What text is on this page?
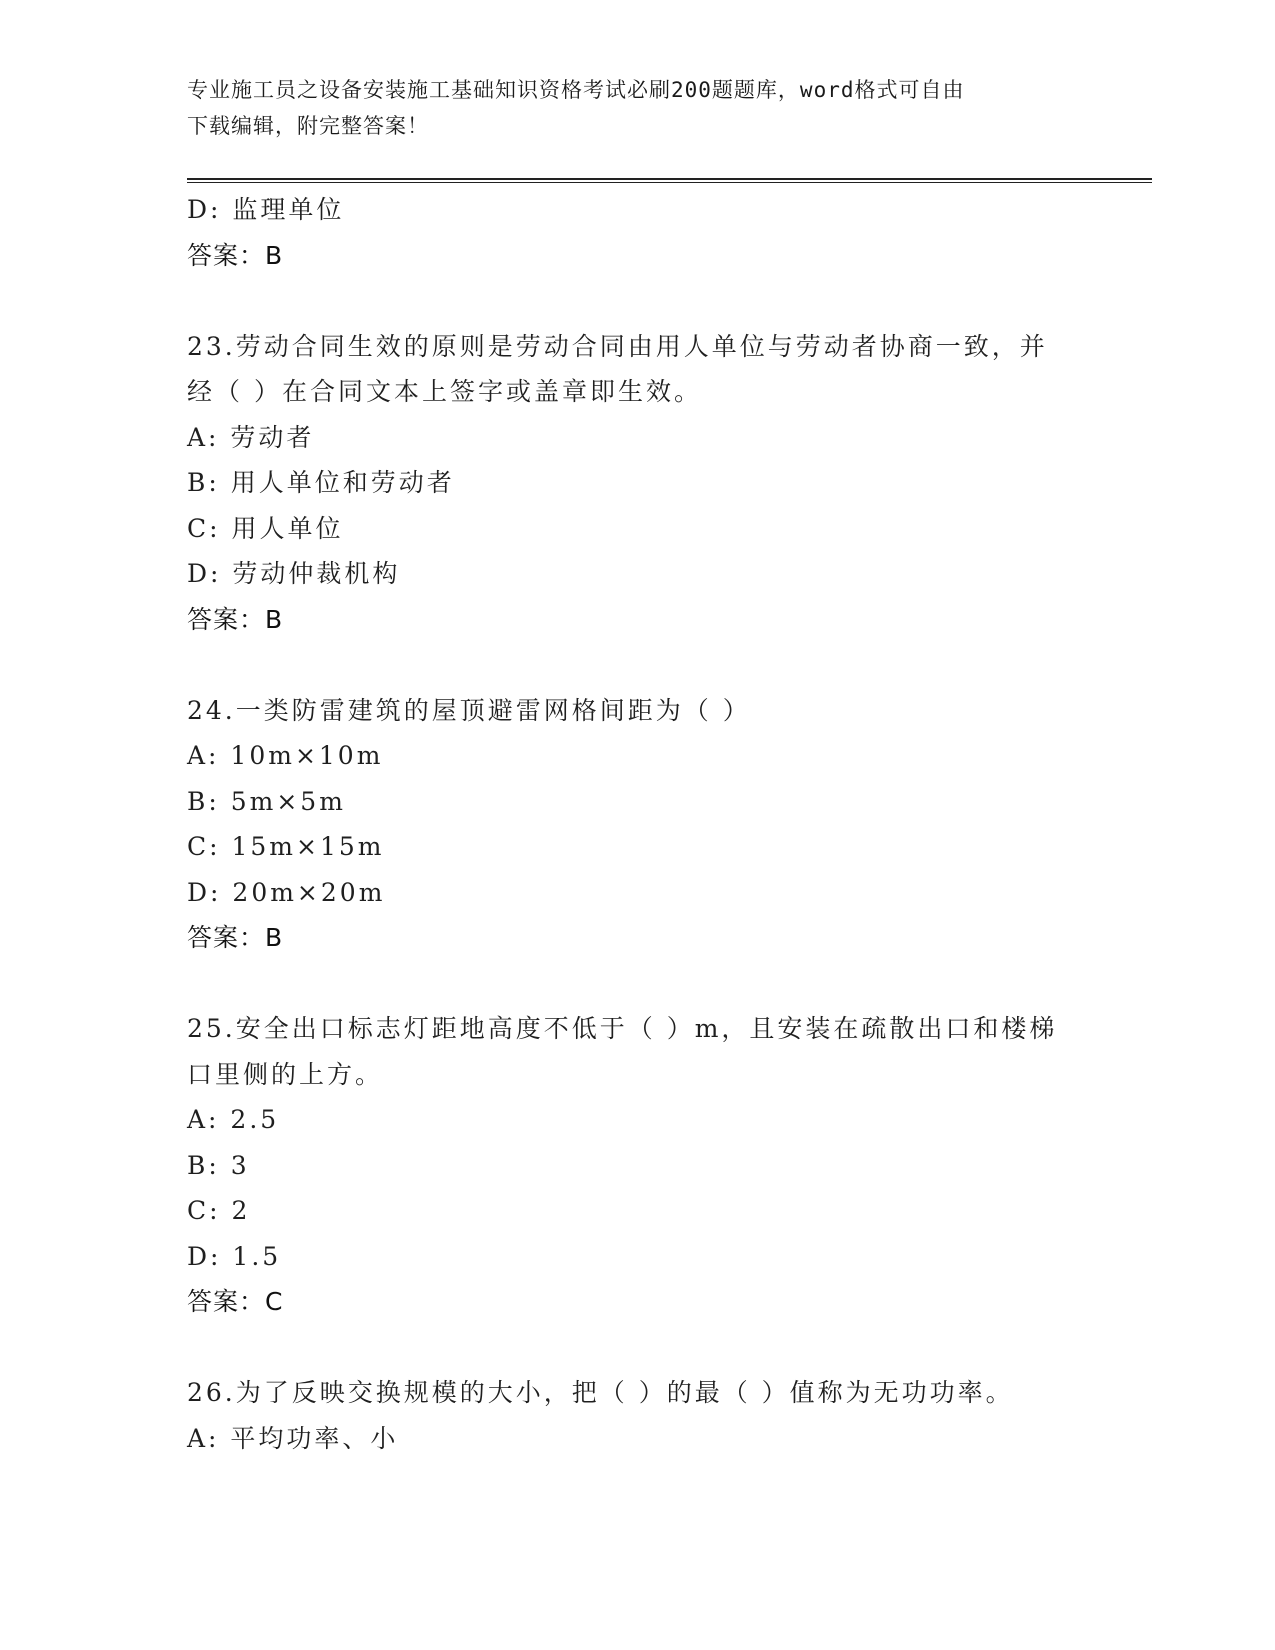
专业施工员之设备安装施工基础知识资格考试必刷200题题库，word格式可自由
下载编辑，附完整答案！
D: 监理单位
答案：B
23.劳动合同生效的原则是劳动合同由用人单位与劳动者协商一致，并
经（ ）在合同文本上签字或盖章即生效。
A: 劳动者
B: 用人单位和劳动者
C: 用人单位
D: 劳动仲裁机构
答案：B
24.一类防雷建筑的屋顶避雷网格间距为（ ）
A: 10m×10m
B: 5m×5m
C: 15m×15m
D: 20m×20m
答案：B
25.安全出口标志灯距地高度不低于（ ）m，且安装在疏散出口和楼梯
口里侧的上方。
A: 2.5
B: 3
C: 2
D: 1.5
答案：C
26.为了反映交换规模的大小，把（ ）的最（ ）值称为无功功率。
A: 平均功率、小
